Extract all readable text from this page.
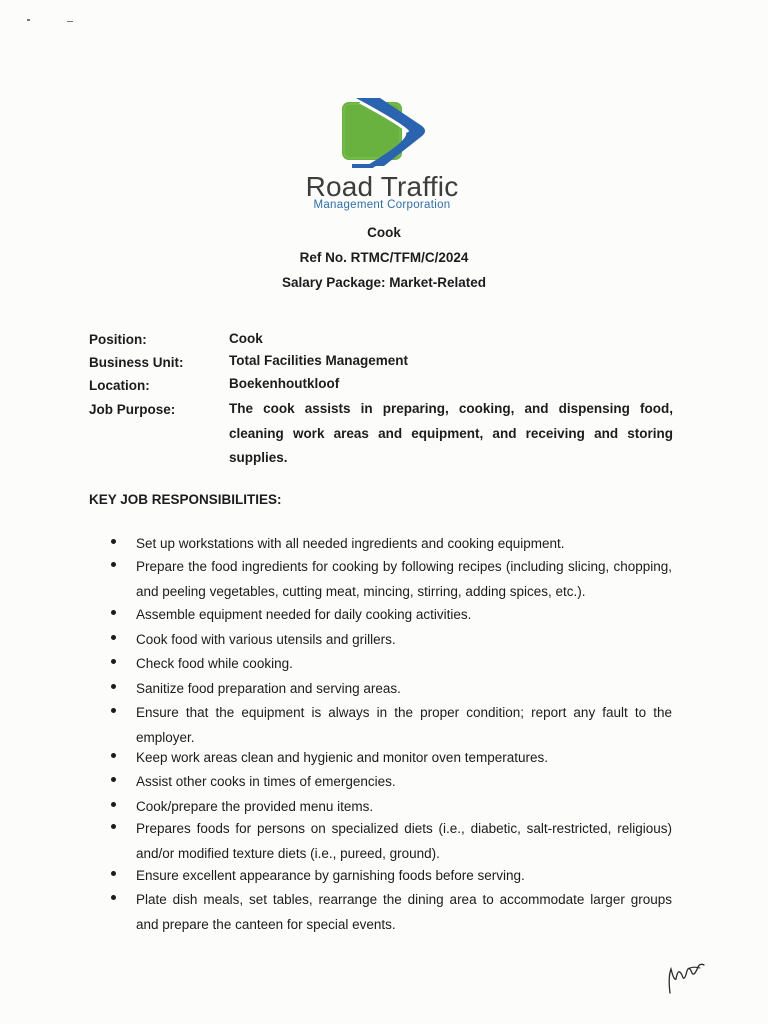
Road Traffic
Management Corporation
Cook
Ref No. RTMC/TFM/C/2024
Salary Package: Market-Related
Position:	Cook
Business Unit:	Total Facilities Management
Location:	Boekenhoutkloof
Job Purpose:	The cook assists in preparing, cooking, and dispensing food, cleaning work areas and equipment, and receiving and storing supplies.
KEY JOB RESPONSIBILITIES:
Set up workstations with all needed ingredients and cooking equipment.
Prepare the food ingredients for cooking by following recipes (including slicing, chopping, and peeling vegetables, cutting meat, mincing, stirring, adding spices, etc.).
Assemble equipment needed for daily cooking activities.
Cook food with various utensils and grillers.
Check food while cooking.
Sanitize food preparation and serving areas.
Ensure that the equipment is always in the proper condition; report any fault to the employer.
Keep work areas clean and hygienic and monitor oven temperatures.
Assist other cooks in times of emergencies.
Cook/prepare the provided menu items.
Prepares foods for persons on specialized diets (i.e., diabetic, salt-restricted, religious) and/or modified texture diets (i.e., pureed, ground).
Ensure excellent appearance by garnishing foods before serving.
Plate dish meals, set tables, rearrange the dining area to accommodate larger groups and prepare the canteen for special events.
